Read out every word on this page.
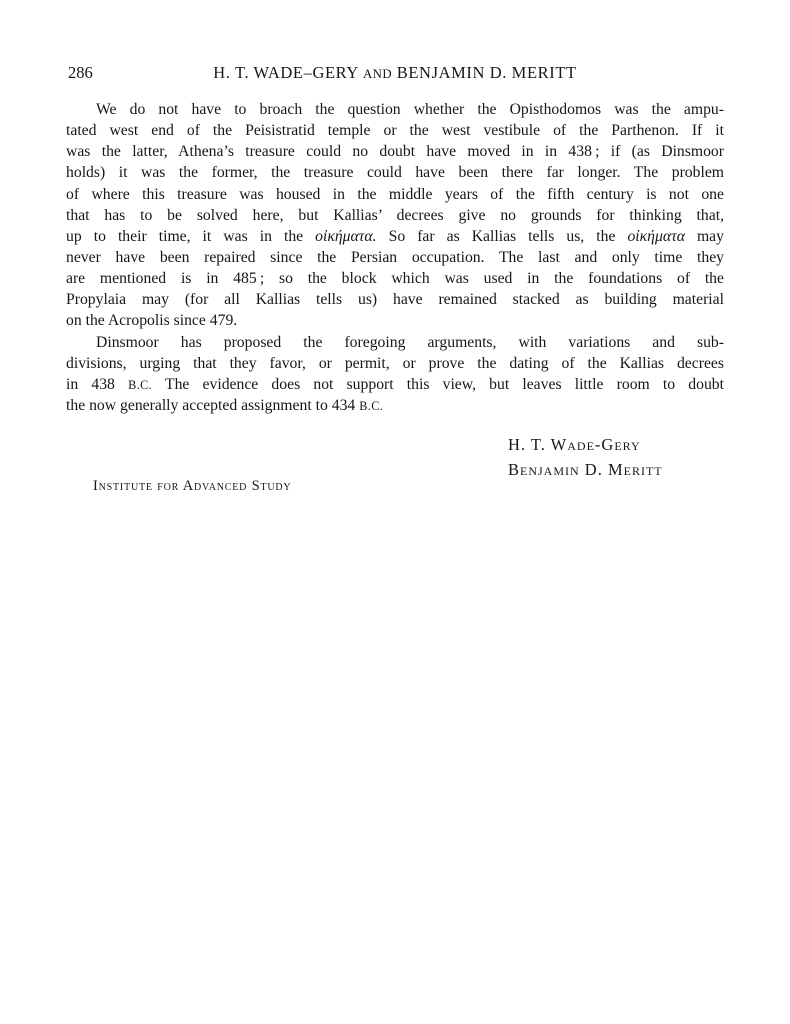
286	H. T. WADE–GERY AND BENJAMIN D. MERITT
We do not have to broach the question whether the Opisthodomos was the ampu-
tated west end of the Peisistratid temple or the west vestibule of the Parthenon. If it
was the latter, Athena’s treasure could no doubt have moved in in 438 ; if (as Dinsmoor
holds) it was the former, the treasure could have been there far longer. The problem
of where this treasure was housed in the middle years of the fifth century is not one
that has to be solved here, but Kallias’ decrees give no grounds for thinking that,
up to their time, it was in the οἰκήματα. So far as Kallias tells us, the οἰκήματα may
never have been repaired since the Persian occupation. The last and only time they
are mentioned is in 485 ; so the block which was used in the foundations of the
Propylaia may (for all Kallias tells us) have remained stacked as building material
on the Acropolis since 479.
Dinsmoor has proposed the foregoing arguments, with variations and sub-
divisions, urging that they favor, or permit, or prove the dating of the Kallias decrees
in 438 B.C. The evidence does not support this view, but leaves little room to doubt
the now generally accepted assignment to 434 B.C.
H. T. Wade-Gery
Benjamin D. Meritt
Institute for Advanced Study
